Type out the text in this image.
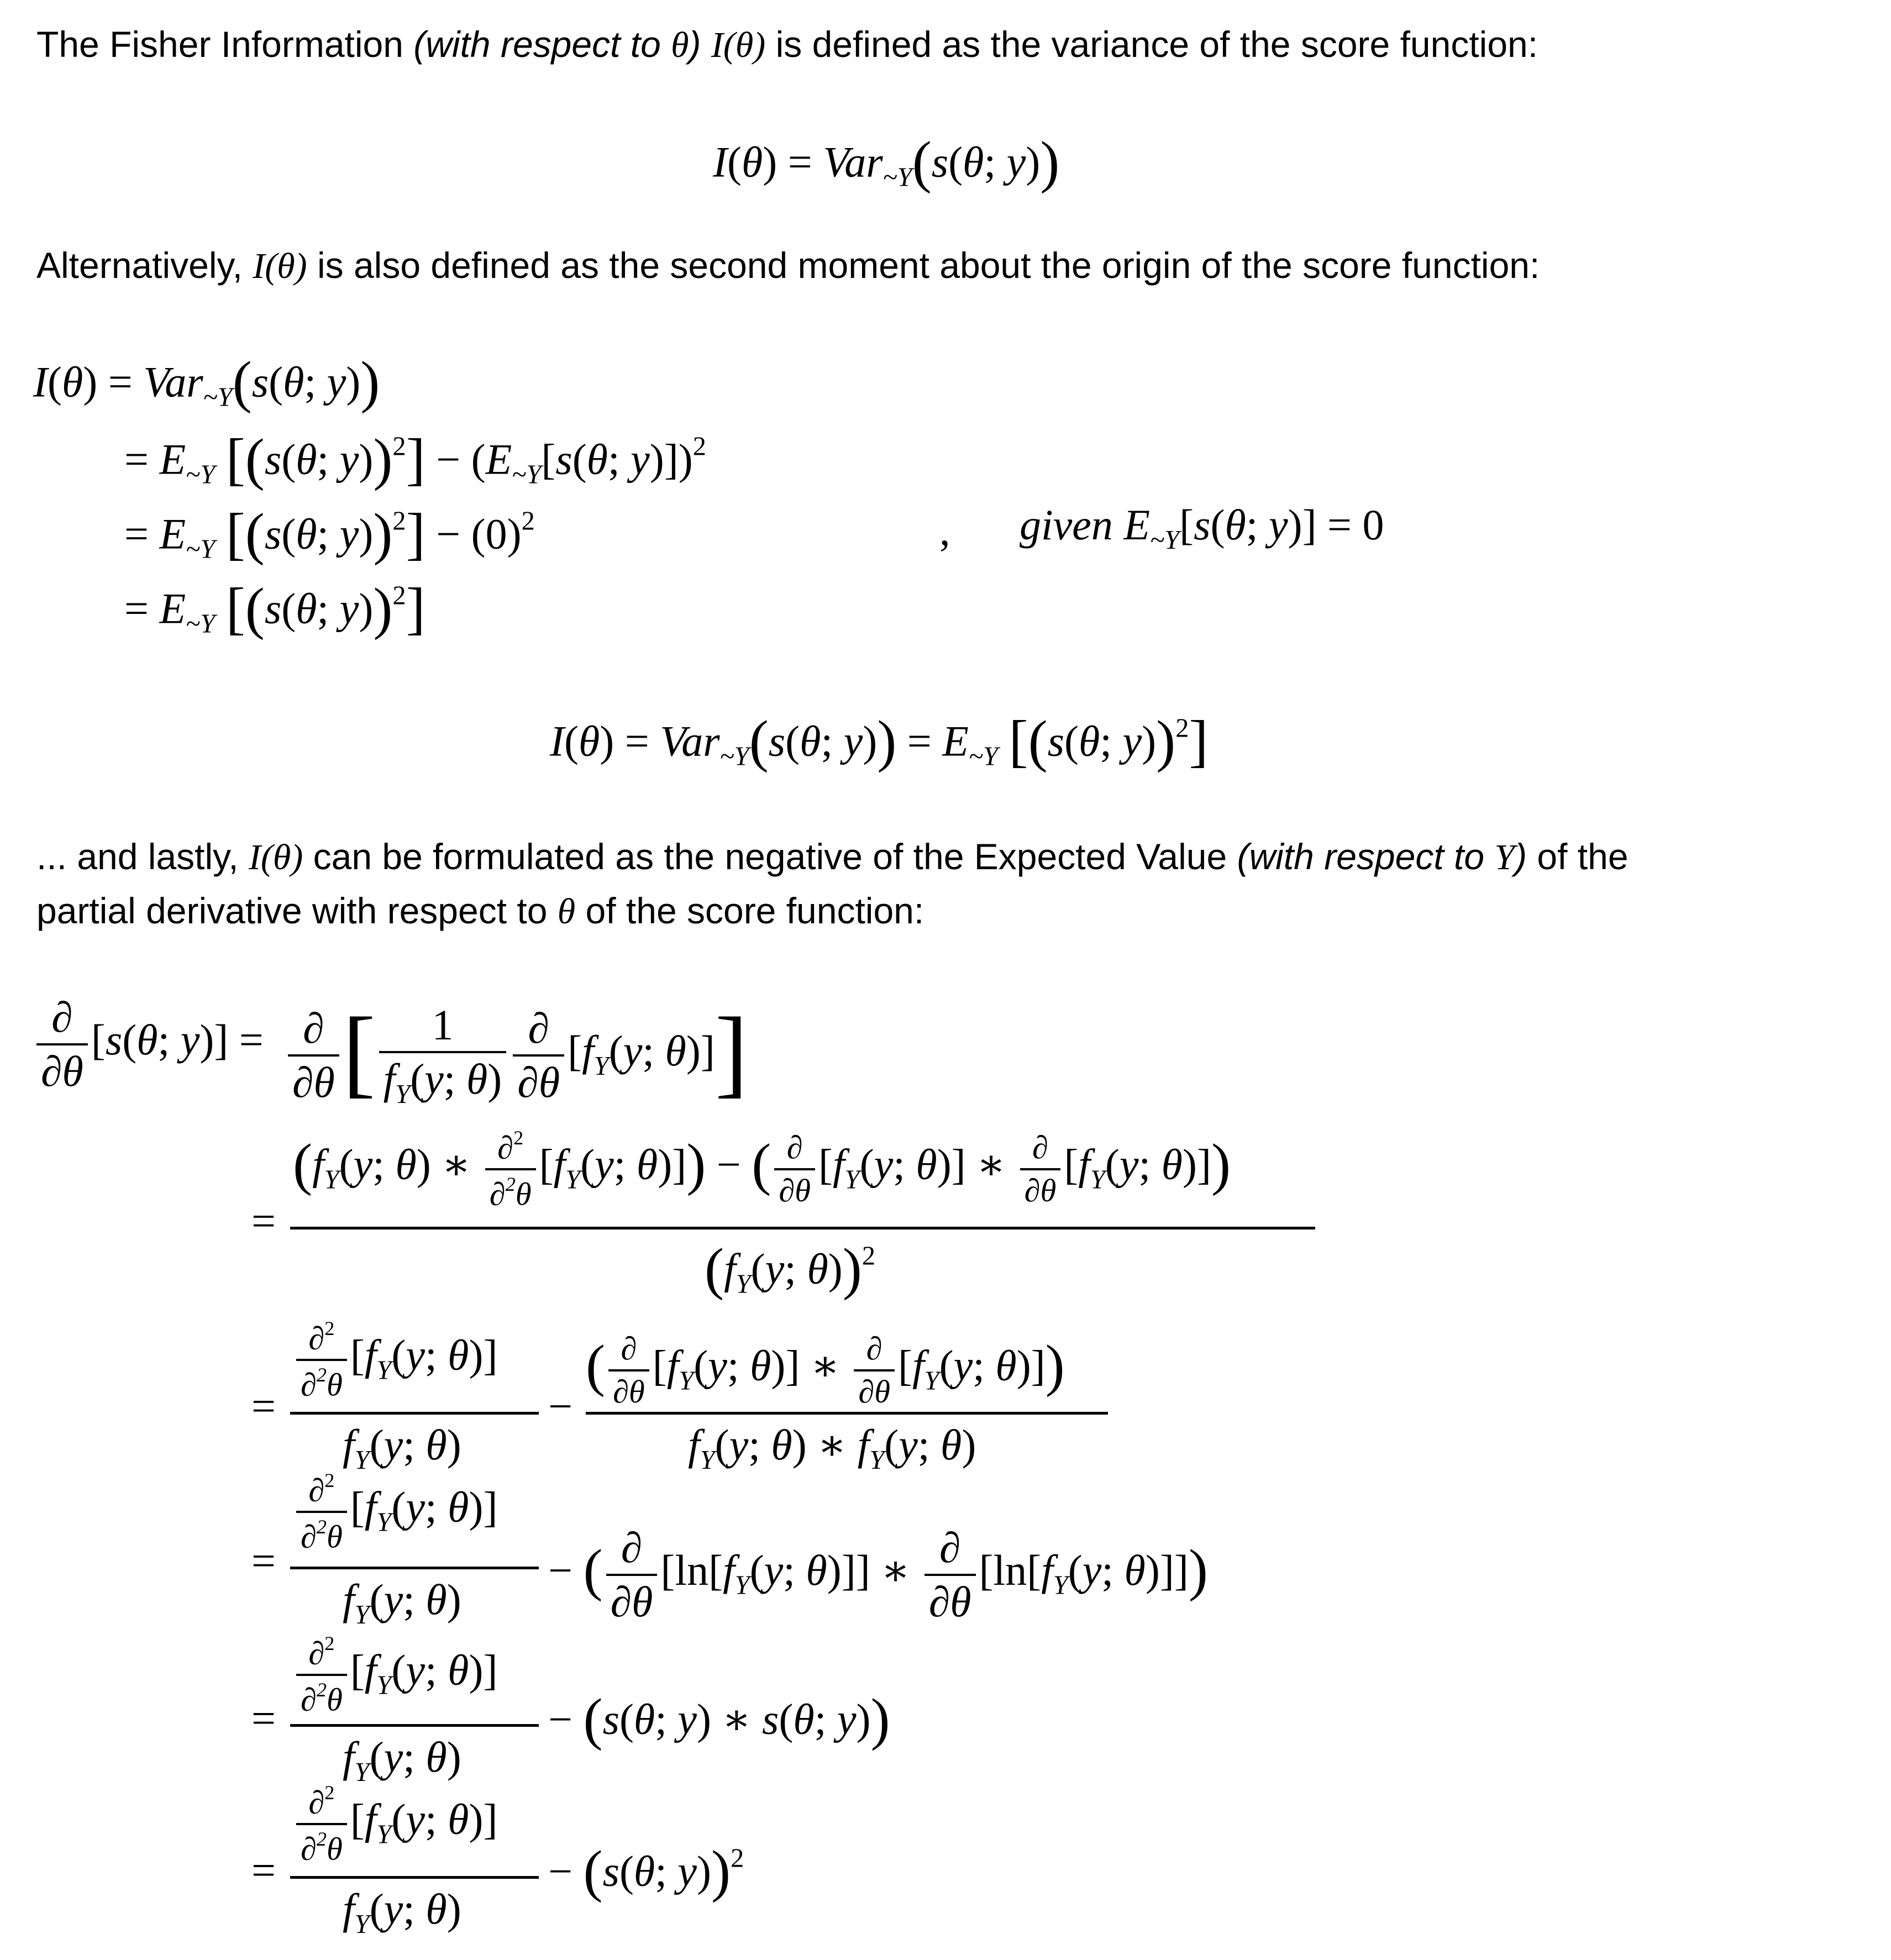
The Fisher Information (with respect to θ) I(θ) is defined as the variance of the score function:
I(θ) = Var$_{\sim Y}$(s(θ; y))
Alternatively, I(θ) is also defined as the second moment about the origin of the score function:
I(θ) = Var$_{\sim Y}$(s(θ; y))
= $E_{\sim Y}$ [(s(θ; $y))^2] - (E_{\sim Y}[s(\theta$; y)])$^2$
= $E_{\sim Y}$ [(s(θ; $y))^2] - (0)^2$	, given $E_{\sim Y}[s(\theta$; y)] = 0
= $E_{\sim Y}$ [(s(θ; y))$^2$]
I(θ) = Var$_{\sim Y}$(s(θ; $y)) = E_{\sim Y}$ [(s(θ; y))$^2$]
... and lastly, I(θ) can be formulated as the negative of the Expected Value (with respect to Y) of the
partial derivative with respect to θ of the score function:
$\frac{\partial}{\partial\theta} [s(\theta$; $y)] = \frac{\partial}{\partial\theta}$ [ $\frac{1}{f_Y(y; \theta)} \frac{\partial}{\partial\theta} [f_Y(y$; θ)]]
=
($f_Y(y$; θ) ∗ $\frac{\partial^2}{\partial^2\theta} [f_Y(y$; θ)]) − ( $\frac{\partial}{\partial\theta} [f_Y(y$; θ)] ∗ $\frac{\partial}{\partial\theta} [f_Y(y$; θ)])
($f_Y(y$; θ))$^2$
=
$\frac{\partial^2}{\partial^2\theta} [f_Y(y$; θ)]
$f_Y(y$; θ)
−
( $\frac{\partial}{\partial\theta} [f_Y(y$; θ)] ∗ $\frac{\partial}{\partial\theta} [f_Y(y$; θ)])
$f_Y(y$; θ) ∗ $f_Y(y$; θ)
=
$\frac{\partial^2}{\partial^2\theta} [f_Y(y$; θ)]
$f_Y(y$; θ)
− ( $\frac{\partial}{\partial\theta} [\ln[f_Y(y$; θ)]] ∗ $\frac{\partial}{\partial\theta} [\ln[f_Y(y$; θ)]])
=
$\frac{\partial^2}{\partial^2\theta} [f_Y(y$; θ)]
$f_Y(y$; θ)
− (s(θ; y) ∗ s(θ; y))
=
$\frac{\partial^2}{\partial^2\theta} [f_Y(y$; θ)]
$f_Y(y$; θ)
− (s(θ; y))$^2$
